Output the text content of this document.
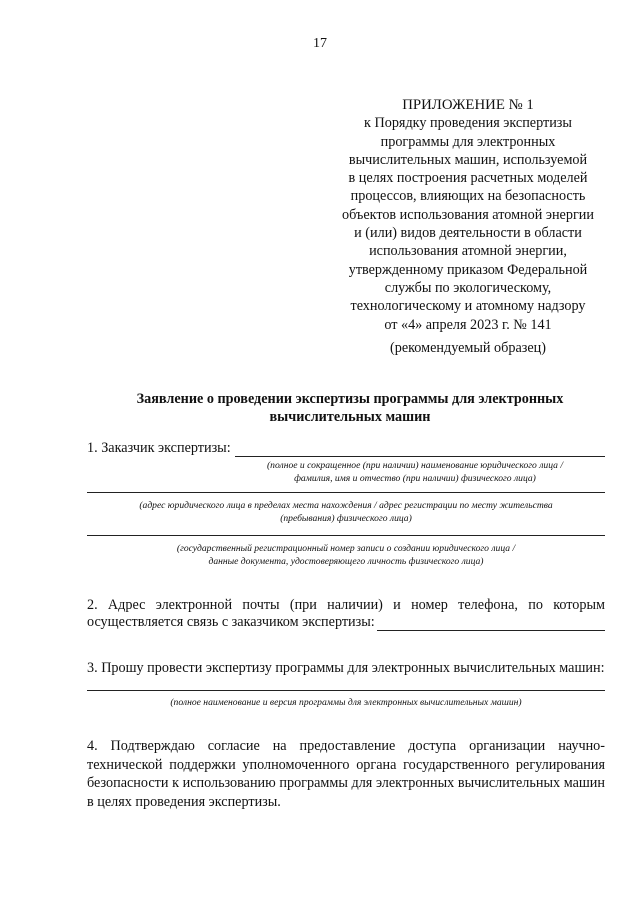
17
ПРИЛОЖЕНИЕ № 1
к Порядку проведения экспертизы
программы для электронных
вычислительных машин, используемой
в целях построения расчетных моделей
процессов, влияющих на безопасность
объектов использования атомной энергии
и (или) видов деятельности в области
использования атомной энергии,
утвержденному приказом Федеральной
службы по экологическому,
технологическому и атомному надзору
от «4» апреля 2023 г. № 141
(рекомендуемый образец)
Заявление о проведении экспертизы программы для электронных
вычислительных машин
1. Заказчик экспертизы:
(полное и сокращенное (при наличии) наименование юридического лица /
фамилия, имя и отчество (при наличии) физического лица)
(адрес юридического лица в пределах места нахождения / адрес регистрации по месту жительства
(пребывания) физического лица)
(государственный регистрационный номер записи о создании юридического лица /
данные документа, удостоверяющего личность физического лица)
2. Адрес электронной почты (при наличии) и номер телефона, по которым
осуществляется связь с заказчиком экспертизы:
3. Прошу провести экспертизу программы для электронных вычислительных машин:
(полное наименование и версия программы для электронных вычислительных машин)
4. Подтверждаю согласие на предоставление доступа организации научно-технической поддержки уполномоченного органа государственного регулирования безопасности к использованию программы для электронных вычислительных машин в целях проведения экспертизы.
